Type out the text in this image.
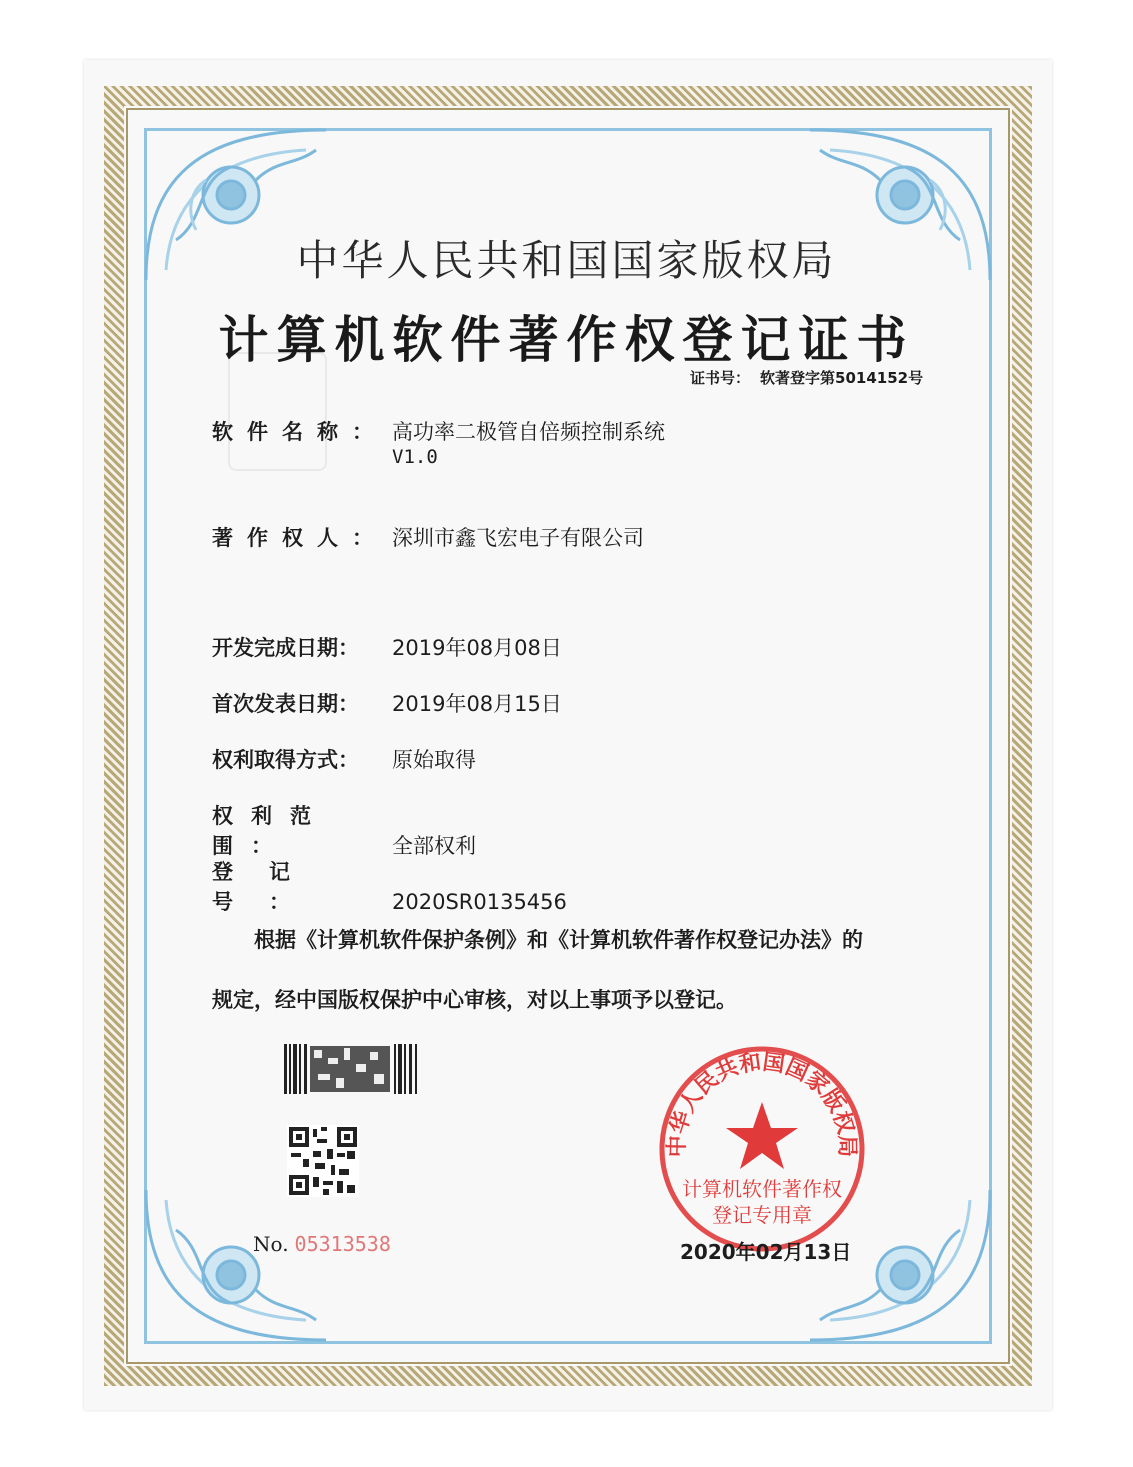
中华人民共和国国家版权局
计算机软件著作权登记证书
证书号： 软著登字第5014152号
软件名称： 高功率二极管自倍频控制系统
V1.0
著作权人： 深圳市鑫飞宏电子有限公司
开发完成日期： 2019年08月08日
首次发表日期： 2019年08月15日
权利取得方式： 原始取得
权利范围：	全部权利
登记号：	2020SR0135456
根据《计算机软件保护条例》和《计算机软件著作权登记办法》的
规定，经中国版权保护中心审核，对以上事项予以登记。
No. 05313538
中华人民共和国国家版权局
计算机软件著作权
登记专用章
2020年02月13日
